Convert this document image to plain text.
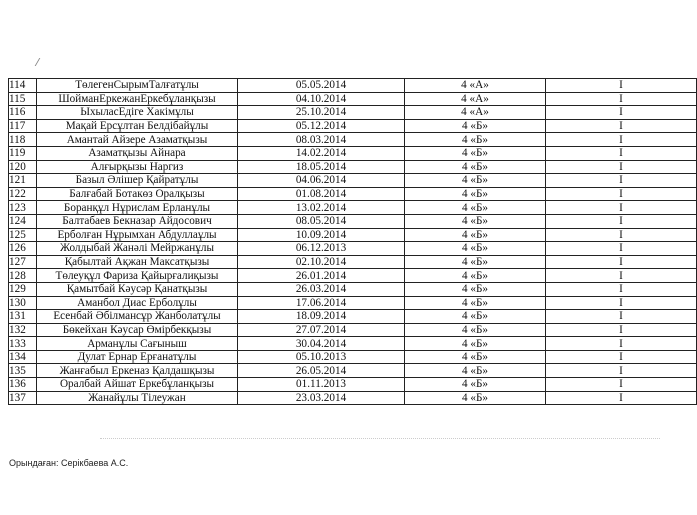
114	ТөлегенСырымТалғатұлы	05.05.2014	4 «А»	I
115	ШойманЕркежанЕркебұланқызы	04.10.2014	4 «А»	I
116	ЫхыласЕдіге Хакімұлы	25.10.2014	4 «А»	I
117	Мақай Ерсұлтан Белдібайұлы	05.12.2014	4 «Б»	I
118	Амантай Айзере Азаматқызы	08.03.2014	4 «Б»	I
119	Азаматқызы Айнара	14.02.2014	4 «Б»	I
120	Алғырқызы Наргиз	18.05.2014	4 «Б»	I
121	Базыл Әлішер Қайратұлы	04.06.2014	4 «Б»	I
122	Балғабай Ботакөз Оралқызы	01.08.2014	4 «Б»	I
123	Боранқұл Нұрислам Ерланұлы	13.02.2014	4 «Б»	I
124	Балтабаев Бекназар Айдосович	08.05.2014	4 «Б»	I
125	Ерболған Нұрымхан Абдуллаұлы	10.09.2014	4 «Б»	I
126	Жолдыбай Жанәлі Мейржанұлы	06.12.2013	4 «Б»	I
127	Қабылтай Ақжан Максатқызы	02.10.2014	4 «Б»	I
128	Төлеуқұл Фариза Қайырғалиқызы	26.01.2014	4 «Б»	I
129	Қамытбай Кәусәр Қанатқызы	26.03.2014	4 «Б»	I
130	Аманбол Диас Ерболұлы	17.06.2014	4 «Б»	I
131	Есенбай Әбілмансұр Жанболатұлы	18.09.2014	4 «Б»	I
132	Бөкейхан Кәусар Өмірбекқызы	27.07.2014	4 «Б»	I
133	Арманұлы Сағыныш	30.04.2014	4 «Б»	I
134	Дулат Ернар Ерғанатұлы	05.10.2013	4 «Б»	I
135	Жанғабыл Еркеназ Қалдашқызы	26.05.2014	4 «Б»	I
136	Оралбай Айшат Еркебұланқызы	01.11.2013	4 «Б»	I
137	Жанайұлы Тілеужан	23.03.2014	4 «Б»	I
Орындаған: Серікбаева А.С.
